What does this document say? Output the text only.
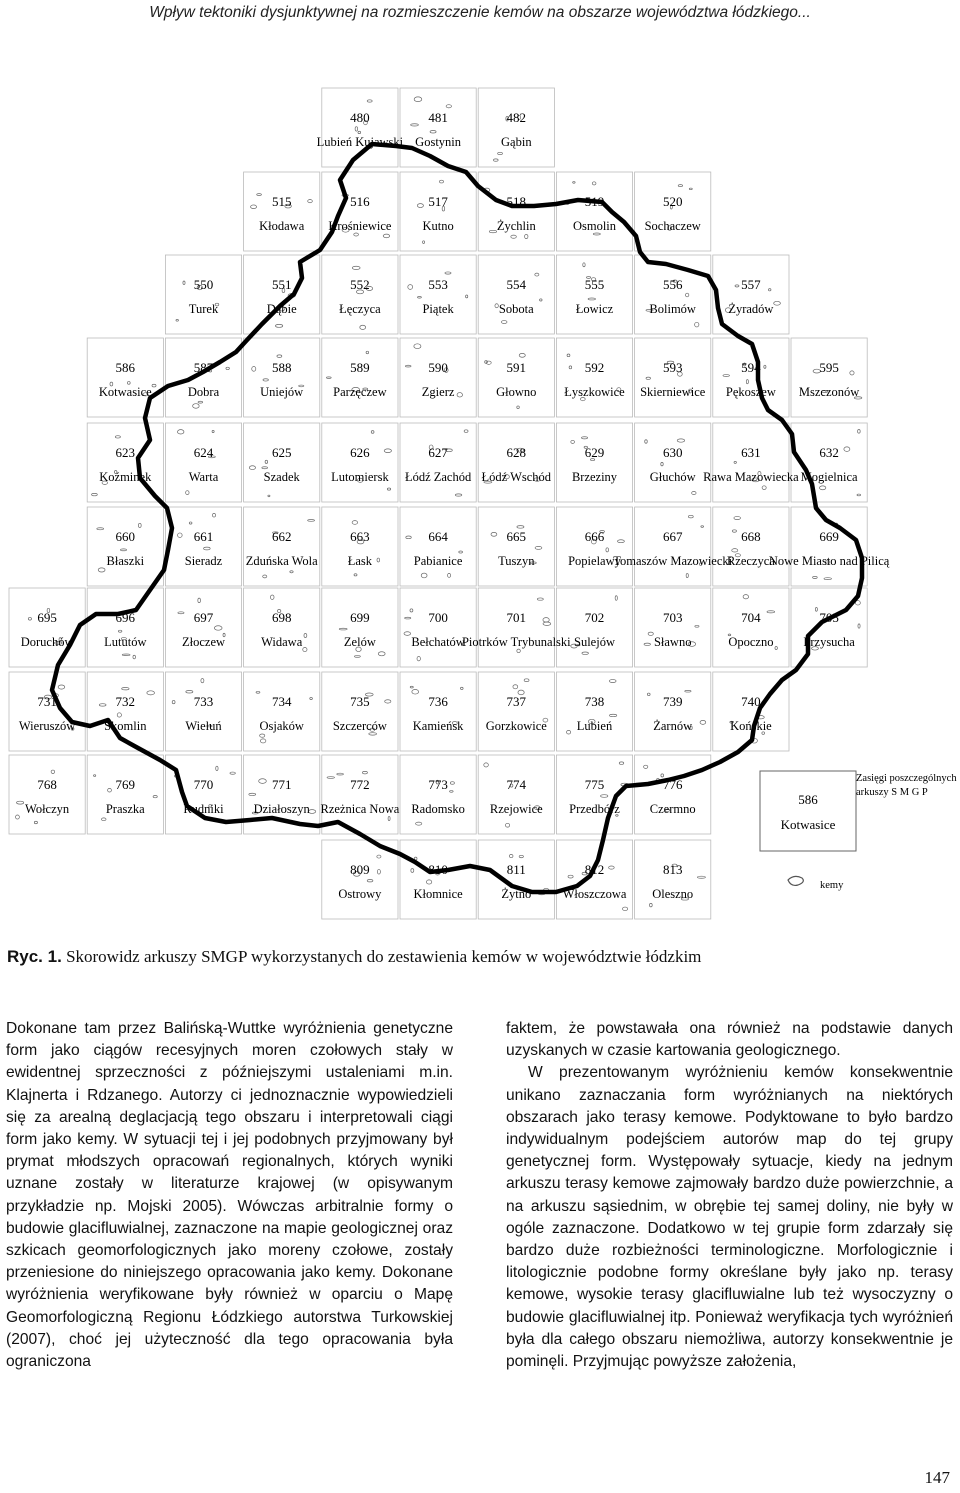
Wpływ tektoniki dysjunktywnej na rozmieszczenie kemów na obszarze województwa łódzkiego...
480
Lubień Kujawski
481
Gostynin
482
Gąbin
515
Kłodawa
516
Krośniewice
517
Kutno
518
Żychlin
519
Osmolin
520
Sochaczew
550
Turek
551
Dąbie
552
Łęczyca
553
Piątek
554
Sobota
555
Łowicz
556
Bolimów
557
Żyradów
586
Kotwasice
587
Dobra
588
Uniejów
589
Parzęczew
590
Zgierz
591
Głowno
592
Łyszkowice
593
Skierniewice
594
Pękoszew
595
Mszczonów
623
Koźminek
624
Warta
625
Szadek
626
Lutomiersk
627
Łódź Zachód
628
Łódź Wschód
629
Brzeziny
630
Głuchów
631
Rawa Mazowiecka
632
Mogielnica
660
Błaszki
661
Sieradz
662
Zduńska Wola
663
Łask
664
Pabianice
665
Tuszyn
666
Popielawy
667
Tomaszów Mazowiecki
668
Rzeczyca
669
Nowe Miasto nad Pilicą
695
Doruchów
696
Lututów
697
Złoczew
698
Widawa
699
Zelów
700
Bełchatów
701
Piotrków Trybunalski
702
Sulejów
703
Sławno
704
Opoczno
705
Przysucha
731
Wieruszów
732
Skomlin
733
Wieluń
734
Osjaków
735
Szczerców
736
Kamieńsk
737
Gorzkowice
738
Lubień
739
Żarnów
740
Końskie
768
Wołczyn
769
Praszka
770
Rudniki
771
Działoszyn
772
Rzeżnica Nowa
773
Radomsko
774
Rzejowice
775
Przedbórz
776
Czermno
809
Ostrowy
810
Kłomnice
811
Żytno
812
Włoszczowa
813
Oleszno
Zasięgi poszczególnych
arkuszy S M G P
586
Kotwasice
kemy
Ryc. 1. Skorowidz arkuszy SMGP wykorzystanych do zestawienia kemów w województwie łódzkim

Dokonane tam przez Balińską-Wuttke wyróżnienia genetyczne form jako ciągów recesyjnych moren czołowych stały w ewidentnej sprzeczności z późniejszymi ustaleniami m.in. Klajnerta i Rdzanego. Autorzy ci jednoznacznie wypowiedzieli się za arealną deglacjacją tego obszaru i interpretowali ciągi form jako kemy. W sytuacji tej i jej podobnych przyjmowany był prymat młodszych opracowań regionalnych, których wyniki uznane zostały w literaturze krajowej (w opisywanym przykładzie np. Mojski 2005). Wówczas arbitralnie formy o budowie glacifluwialnej, zaznaczone na mapie geologicznej oraz szkicach geomorfologicznych jako moreny czołowe, zostały przeniesione do niniejszego opracowania jako kemy. Dokonane wyróżnienia weryfikowane były również w oparciu o Mapę Geomorfologiczną Regionu Łódzkiego autorstwa Turkowskiej (2007), choć jej użyteczność dla tego opracowania była ograniczona

faktem, że powstawała ona również na podstawie danych uzyskanych w czasie kartowania geologicznego.

W prezentowanym wyróżnieniu kemów konsekwentnie unikano zaznaczania form wyróżnianych na niektórych obszarach jako terasy kemowe. Podyktowane to było bardzo indywidualnym podejściem autorów map do tej grupy genetycznej form. Występowały sytuacje, kiedy na jednym arkuszu terasy kemowe zajmowały bardzo duże powierzchnie, a na arkuszu sąsiednim, w obrębie tej samej doliny, nie były w ogóle zaznaczone. Dodatkowo w tej grupie form zdarzały się bardzo duże rozbieżności terminologiczne. Morfologicznie i litologicznie podobne formy określane były jako np. terasy kemowe, wysokie terasy glacifluwialne lub też wysoczyzny o budowie glacifluwialnej itp. Ponieważ weryfikacja tych wyróżnień była dla całego obszaru niemożliwa, autorzy konsekwentnie je pominęli. Przyjmując powyższe założenia,

147
